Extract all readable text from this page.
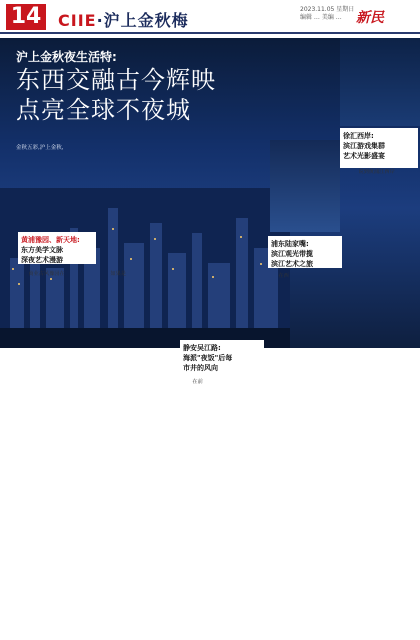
14 CIIE·沪上金秋梅
2023.11.05 星期日
编辑 … 美编 …	新民
沪上金秋夜生活特:
东西交融古今辉映
点亮全球不夜城

金秋五彩,沪上金秋,

徐汇西岸:
滨江游戏集群
艺术光影盛宴
浦东陆家嘴:
滨江观光带揽
滨江艺术之旅
黄浦豫园、新天地:
东方美学文脉
深夜艺术漫游
静安吴江路:
海派"夜饭"后每
市井的风向

商业古风豫园在	如果是

在前

在西

说到黄浦江西岸
